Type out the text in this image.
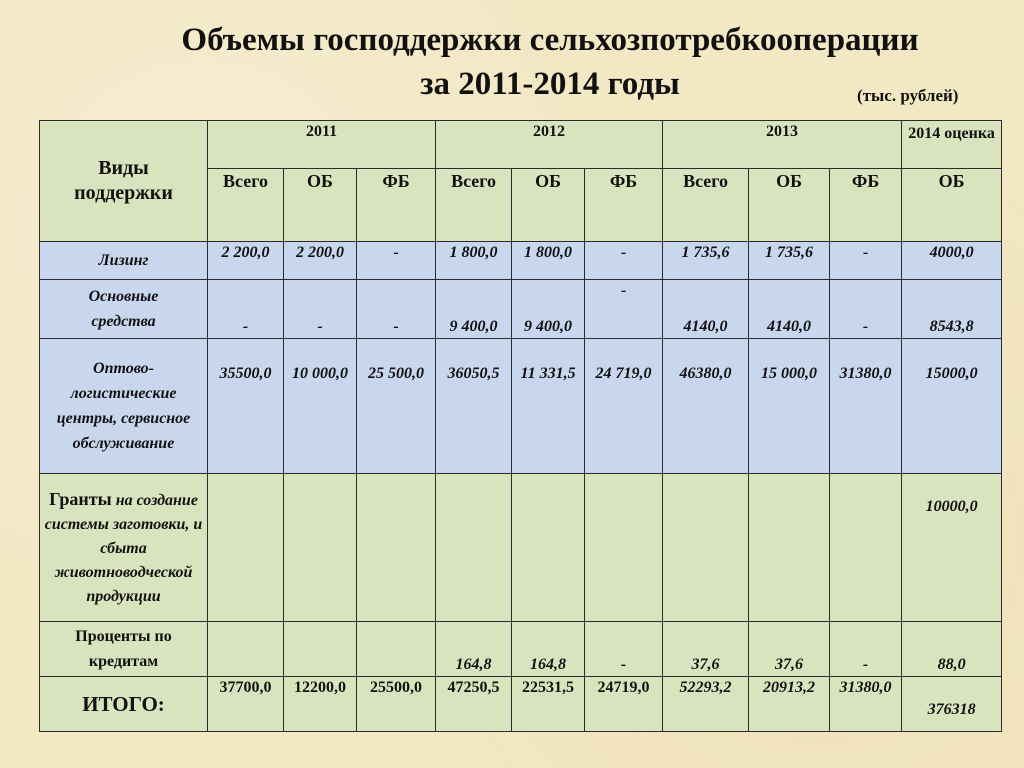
Объемы господдержки сельхозпотребкооперации
за 2011-2014 годы	(тыс. рублей)
Виды поддержки	2011			2012			2013			2014 оценка
	Всего	ОБ	ФБ	Всего	ОБ	ФБ	Всего	ОБ	ФБ	ОБ
Лизинг	2 200,0	2 200,0	-	1 800,0	1 800,0	-	1 735,6	1 735,6	-	4000,0
Основные средства	-	-	-	9 400,0	9 400,0	-	4140,0	4140,0	-	8543,8
Оптово-логистические центры, сервисное обслуживание	35500,0	10 000,0	25 500,0	36050,5	11 331,5	24 719,0	46380,0	15 000,0	31380,0	15000,0
Гранты на создание системы заготовки, и сбыта животноводческой продукции										10000,0
Проценты по кредитам				164,8	164,8	-	37,6	37,6	-	88,0
ИТОГО:	37700,0	12200,0	25500,0	47250,5	22531,5	24719,0	52293,2	20913,2	31380,0	376318
